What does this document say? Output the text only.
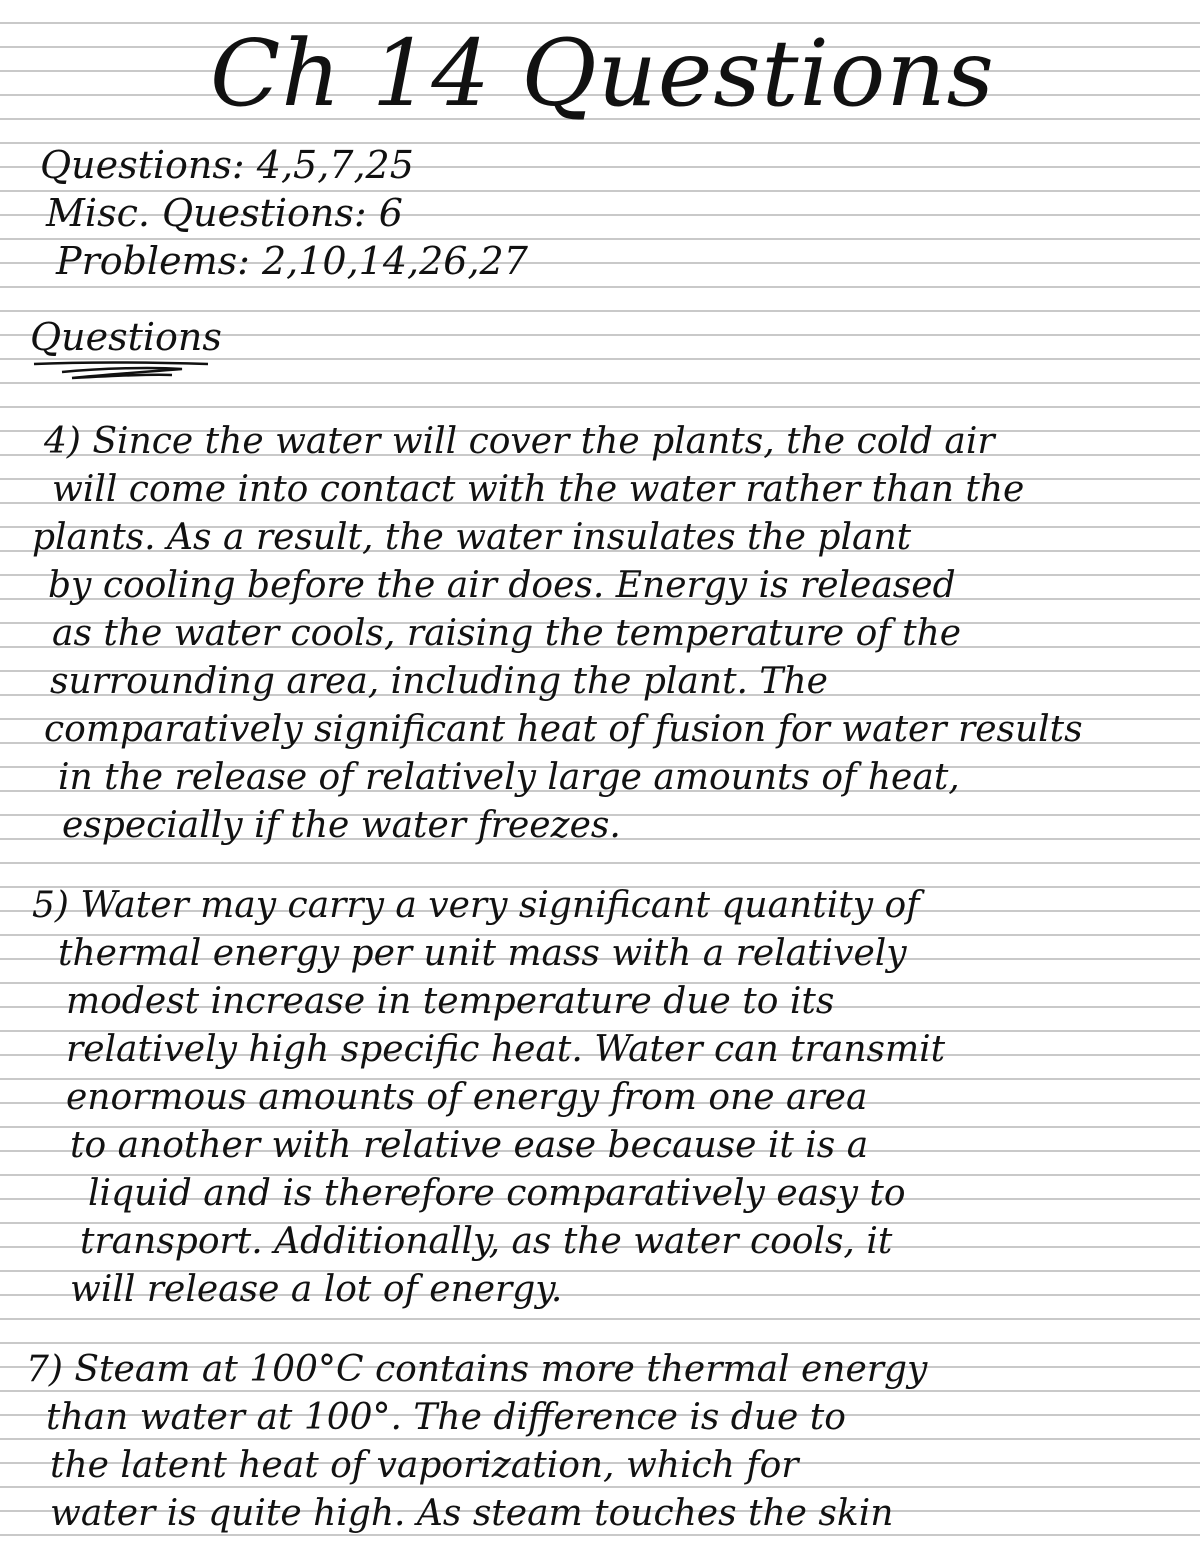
Ch 14 Questions
Questions: 4,5,7,25
Misc. Questions: 6
Problems: 2,10,14,26,27
Questions
4) Since the water will cover the plants, the cold air
will come into contact with the water rather than the
plants. As a result, the water insulates the plant
by cooling before the air does. Energy is released
as the water cools, raising the temperature of the
surrounding area, including the plant. The
comparatively significant heat of fusion for water results
in the release of relatively large amounts of heat,
especially if the water freezes.
5) Water may carry a very significant quantity of
thermal energy per unit mass with a relatively
modest increase in temperature due to its
relatively high specific heat. Water can transmit
enormous amounts of energy from one area
to another with relative ease because it is a
liquid and is therefore comparatively easy to
transport. Additionally, as the water cools, it
will release a lot of energy.
7) Steam at 100°C contains more thermal energy
than water at 100°. The difference is due to
the latent heat of vaporization, which for
water is quite high. As steam touches the skin
